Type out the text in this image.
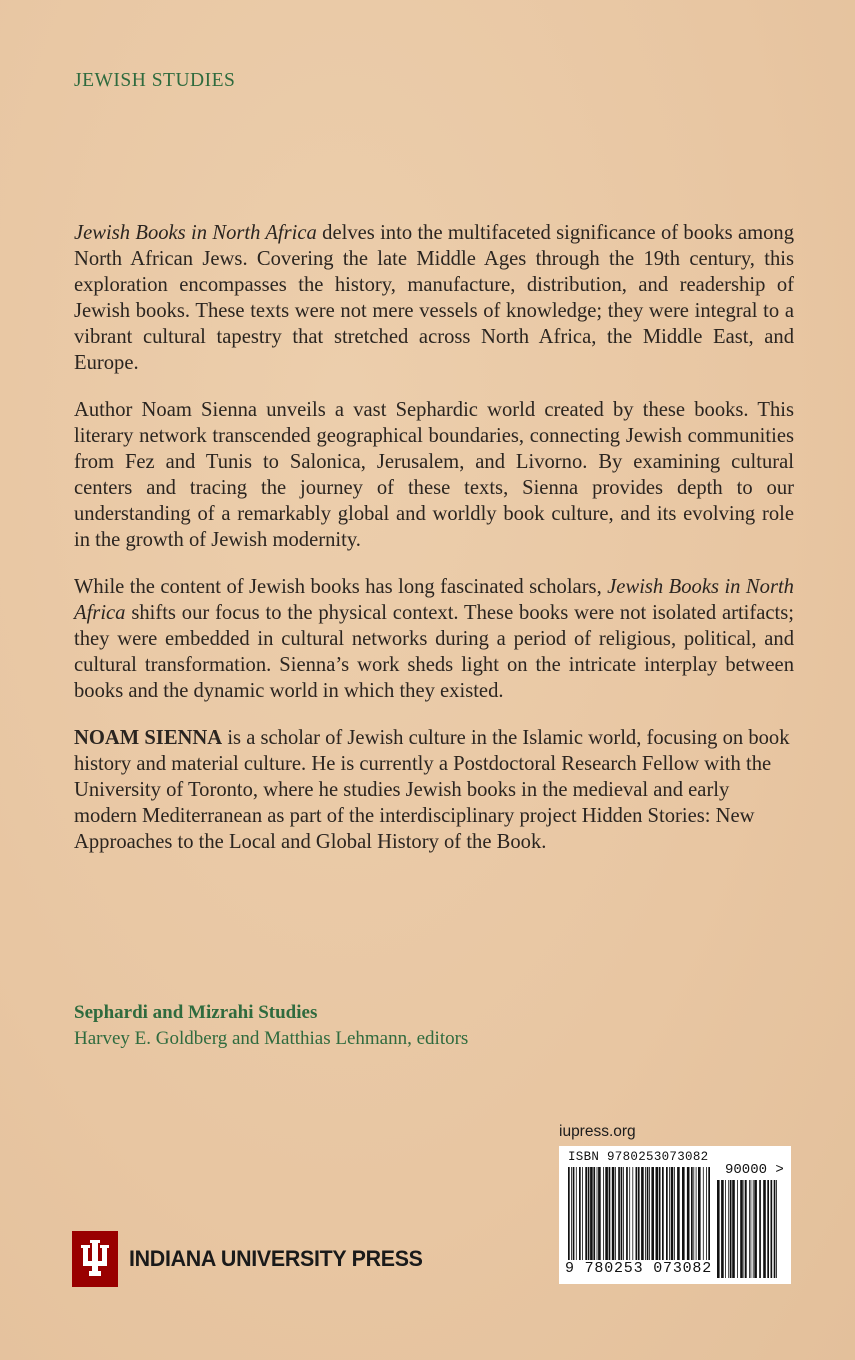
JEWISH STUDIES

Jewish Books in North Africa delves into the multifaceted significance of books among North African Jews. Covering the late Middle Ages through the 19th century, this exploration encompasses the history, manufacture, distribution, and readership of Jewish books. These texts were not mere vessels of knowledge; they were integral to a vibrant cultural tapestry that stretched across North Africa, the Middle East, and Europe.

Author Noam Sienna unveils a vast Sephardic world created by these books. This literary network transcended geographical boundaries, connecting Jewish communities from Fez and Tunis to Salonica, Jerusalem, and Livorno. By examining cultural centers and tracing the journey of these texts, Sienna provides depth to our understanding of a remarkably global and worldly book culture, and its evolving role in the growth of Jewish modernity.

While the content of Jewish books has long fascinated scholars, Jewish Books in North Africa shifts our focus to the physical context. These books were not isolated artifacts; they were embedded in cultural networks during a period of religious, political, and cultural transformation. Sienna’s work sheds light on the intricate interplay between books and the dynamic world in which they existed.

NOAM SIENNA is a scholar of Jewish culture in the Islamic world, focusing on book history and material culture. He is currently a Postdoctoral Research Fellow with the University of Toronto, where he studies Jewish books in the medieval and early modern Mediterranean as part of the interdisciplinary project Hidden Stories: New Approaches to the Local and Global History of the Book.

Sephardi and Mizrahi Studies
Harvey E. Goldberg and Matthias Lehmann, editors
iupress.org
ISBN 9780253073082
90000 >
9 780253 073082
INDIANA UNIVERSITY PRESS
